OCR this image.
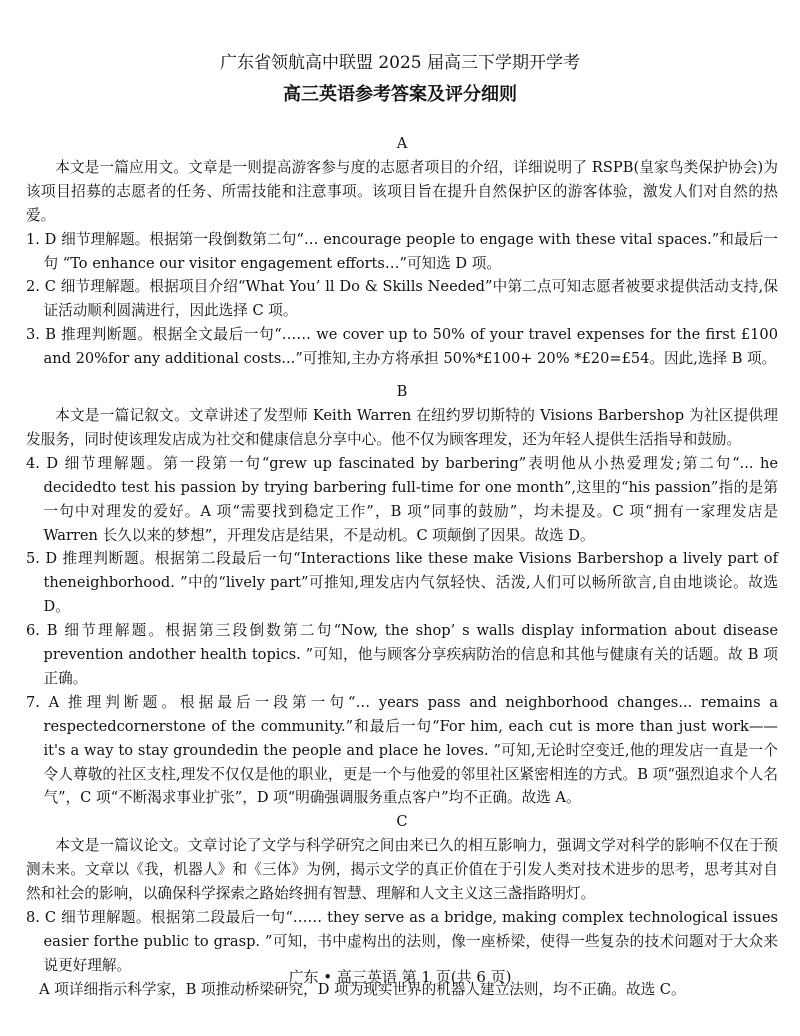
广东省领航高中联盟 2025 届高三下学期开学考
高三英语参考答案及评分细则
A
本文是一篇应用文。文章是一则提高游客参与度的志愿者项目的介绍，详细说明了 RSPB(皇家鸟类保护协会)为该项目招募的志愿者的任务、所需技能和注意事项。该项目旨在提升自然保护区的游客体验，激发人们对自然的热爱。
1. D 细节理解题。根据第一段倒数第二句“… encourage people to engage with these vital spaces.”和最后一句 “To enhance our visitor engagement efforts…”可知选 D 项。
2. C 细节理解题。根据项目介绍“What You’ ll Do & Skills Needed”中第二点可知志愿者被要求提供活动支持,保证活动顺利圆满进行，因此选择 C 项。
3. B 推理判断题。根据全文最后一句“…… we cover up to 50% of your travel expenses for the first £100 and 20%for any additional costs...”可推知,主办方将承担 50%*£100+ 20% *£20=£54。因此,选择 B 项。
B
本文是一篇记叙文。文章讲述了发型师 Keith Warren 在纽约罗切斯特的 Visions Barbershop 为社区提供理发服务，同时使该理发店成为社交和健康信息分享中心。他不仅为顾客理发，还为年轻人提供生活指导和鼓励。
4. D 细节理解题。第一段第一句“grew up fascinated by barbering”表明他从小热爱理发;第二句“... he decidedto test his passion by trying barbering full-time for one month”,这里的“his passion”指的是第一句中对理发的爱好。A 项“需要找到稳定工作”，B 项“同事的鼓励”，均未提及。C 项“拥有一家理发店是 Warren 长久以来的梦想”，开理发店是结果，不是动机。C 项颠倒了因果。故选 D。
5. D 推理判断题。根据第二段最后一句“Interactions like these make Visions Barbershop a lively part of theneighborhood. ”中的“lively part”可推知,理发店内气氛轻快、活泼,人们可以畅所欲言,自由地谈论。故选 D。
6. B 细节理解题。根据第三段倒数第二句“Now, the shop’ s walls display information about disease prevention andother health topics. ”可知，他与顾客分享疾病防治的信息和其他与健康有关的话题。故 B 项正确。
7. A 推理判断题。根据最后一段第一句“… years pass and neighborhood changes... remains a respectedcornerstone of the community.”和最后一句“For him, each cut is more than just work—— it's a way to stay groundedin the people and place he loves. ”可知,无论时空变迁,他的理发店一直是一个令人尊敬的社区支柱,理发不仅仅是他的职业，更是一个与他爱的邻里社区紧密相连的方式。B 项“强烈追求个人名气”，C 项“不断渴求事业扩张”，D 项“明确强调服务重点客户”均不正确。故选 A。
C
本文是一篇议论文。文章讨论了文学与科学研究之间由来已久的相互影响力，强调文学对科学的影响不仅在于预测未来。文章以《我，机器人》和《三体》为例，揭示文学的真正价值在于引发人类对技术进步的思考，思考其对自然和社会的影响，以确保科学探索之路始终拥有智慧、理解和人文主义这三盏指路明灯。
8. C 细节理解题。根据第二段最后一句“…… they serve as a bridge, making complex technological issues easier forthe public to grasp. ”可知，书中虚构出的法则，像一座桥梁，使得一些复杂的技术问题对于大众来说更好理解。
A 项详细指示科学家，B 项推动桥梁研究，D 项为现实世界的机器人建立法则，均不正确。故选 C。
广东 • 高三英语 第 1 页(共 6 页)
